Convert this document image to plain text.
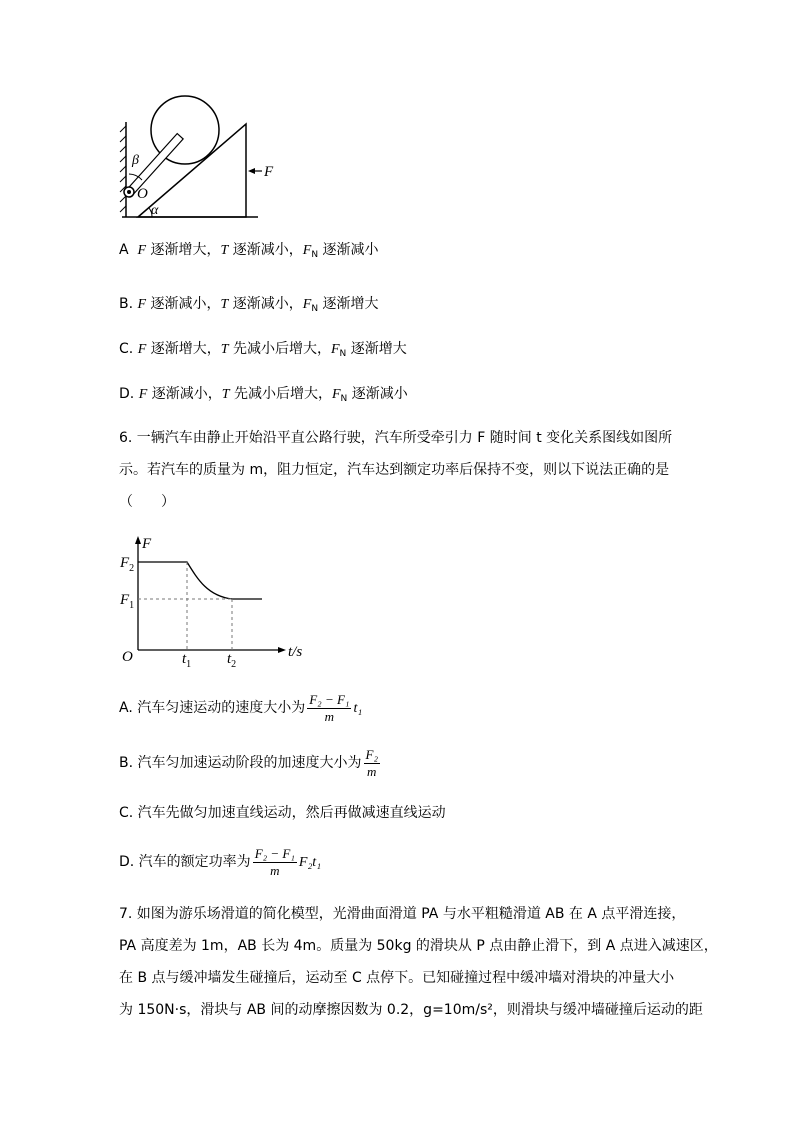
β
O
α
F
A F 逐渐增大，T 逐渐减小，$F_N$ 逐渐减小
B. F 逐渐减小，T 逐渐减小，$F_N$ 逐渐增大
C. F 逐渐增大，T 先减小后增大，$F_N$ 逐渐增大
D. F 逐渐减小，T 先减小后增大，$F_N$ 逐渐减小
6. 一辆汽车由静止开始沿平直公路行驶，汽车所受牵引力 F 随时间 t 变化关系图线如图所
示。若汽车的质量为 m，阻力恒定，汽车达到额定功率后保持不变，则以下说法正确的是
（　　）
F
$F_2$
$F_1$
O	$t_1$ $t_2$
t/s
A. 汽车匀速运动的速度大小为 $\frac{\text{F₂ − F₁}}{m} t_1$
B. 汽车匀加速运动阶段的加速度大小为 $\frac{\text{F₂}}{m}$
C. 汽车先做匀加速直线运动，然后再做减速直线运动
D. 汽车的额定功率为 $\frac{\text{F₂ − F₁}}{m} F_2t_1$
7. 如图为游乐场滑道的简化模型，光滑曲面滑道 PA 与水平粗糙滑道 AB 在 A 点平滑连接，
PA 高度差为 1m，AB 长为 4m。质量为 50kg 的滑块从 P 点由静止滑下，到 A 点进入减速区，
在 B 点与缓冲墙发生碰撞后，运动至 C 点停下。已知碰撞过程中缓冲墙对滑块的冲量大小
为 150N·s，滑块与 AB 间的动摩擦因数为 0.2，g=10m/s²，则滑块与缓冲墙碰撞后运动的距
